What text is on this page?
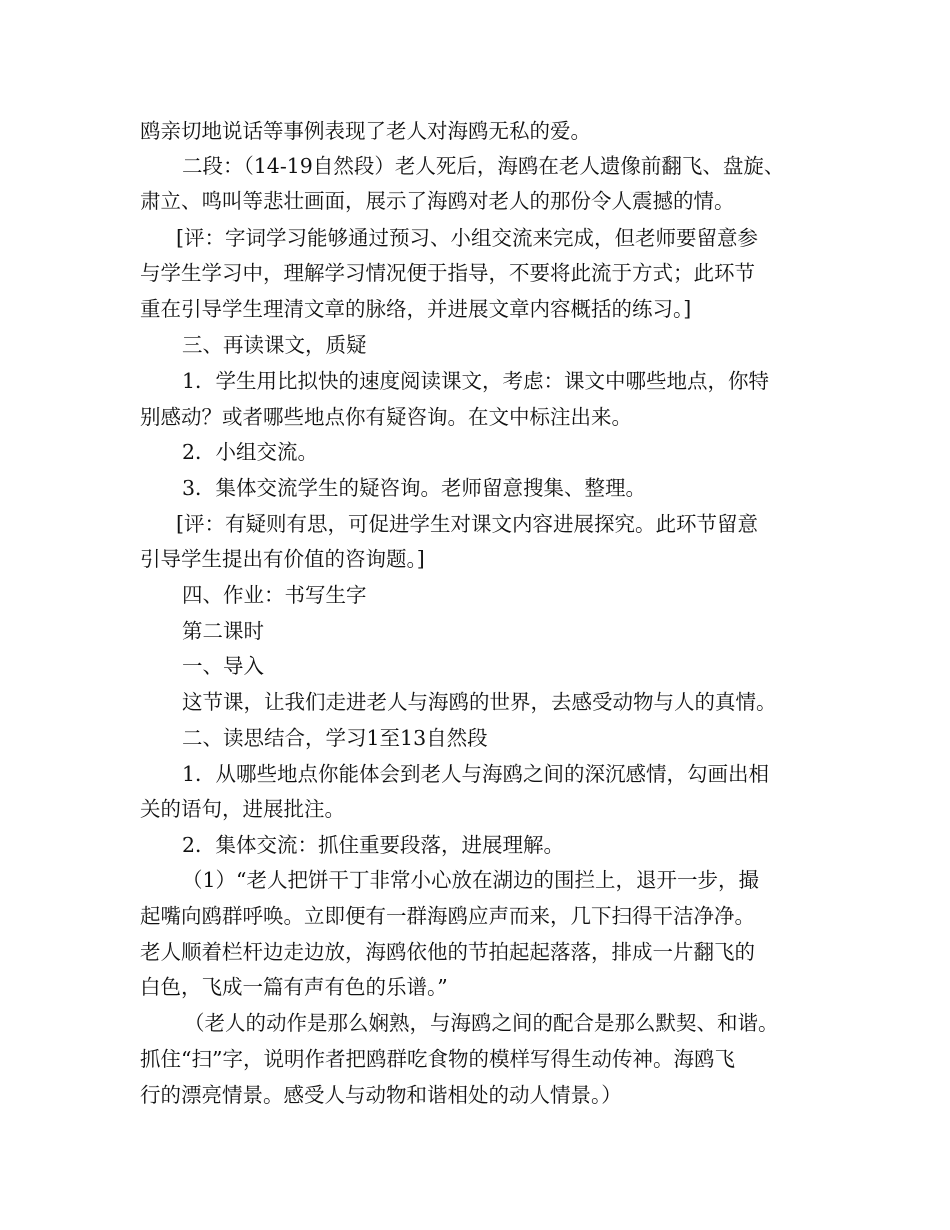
鸥亲切地说话等事例表现了老人对海鸥无私的爱。
二段：（14-19自然段）老人死后，海鸥在老人遗像前翻飞、盘旋、
肃立、鸣叫等悲壮画面，展示了海鸥对老人的那份令人震撼的情。
[评：字词学习能够通过预习、小组交流来完成，但老师要留意参
与学生学习中，理解学习情况便于指导，不要将此流于方式；此环节
重在引导学生理清文章的脉络，并进展文章内容概括的练习。]
三、再读课文，质疑
1．学生用比拟快的速度阅读课文，考虑：课文中哪些地点，你特
别感动？或者哪些地点你有疑咨询。在文中标注出来。
2．小组交流。
3．集体交流学生的疑咨询。老师留意搜集、整理。
[评：有疑则有思，可促进学生对课文内容进展探究。此环节留意
引导学生提出有价值的咨询题。]
四、作业：书写生字
第二课时
一、导入
这节课，让我们走进老人与海鸥的世界，去感受动物与人的真情。
二、读思结合，学习1至13自然段
1．从哪些地点你能体会到老人与海鸥之间的深沉感情，勾画出相
关的语句，进展批注。
2．集体交流：抓住重要段落，进展理解。
（1）“老人把饼干丁非常小心放在湖边的围拦上，退开一步，撮
起嘴向鸥群呼唤。立即便有一群海鸥应声而来，几下扫得干洁净净。
老人顺着栏杆边走边放，海鸥依他的节拍起起落落，排成一片翻飞的
白色，飞成一篇有声有色的乐谱。”
（老人的动作是那么娴熟，与海鸥之间的配合是那么默契、和谐。
抓住“扫”字，说明作者把鸥群吃食物的模样写得生动传神。海鸥飞
行的漂亮情景。感受人与动物和谐相处的动人情景。）
